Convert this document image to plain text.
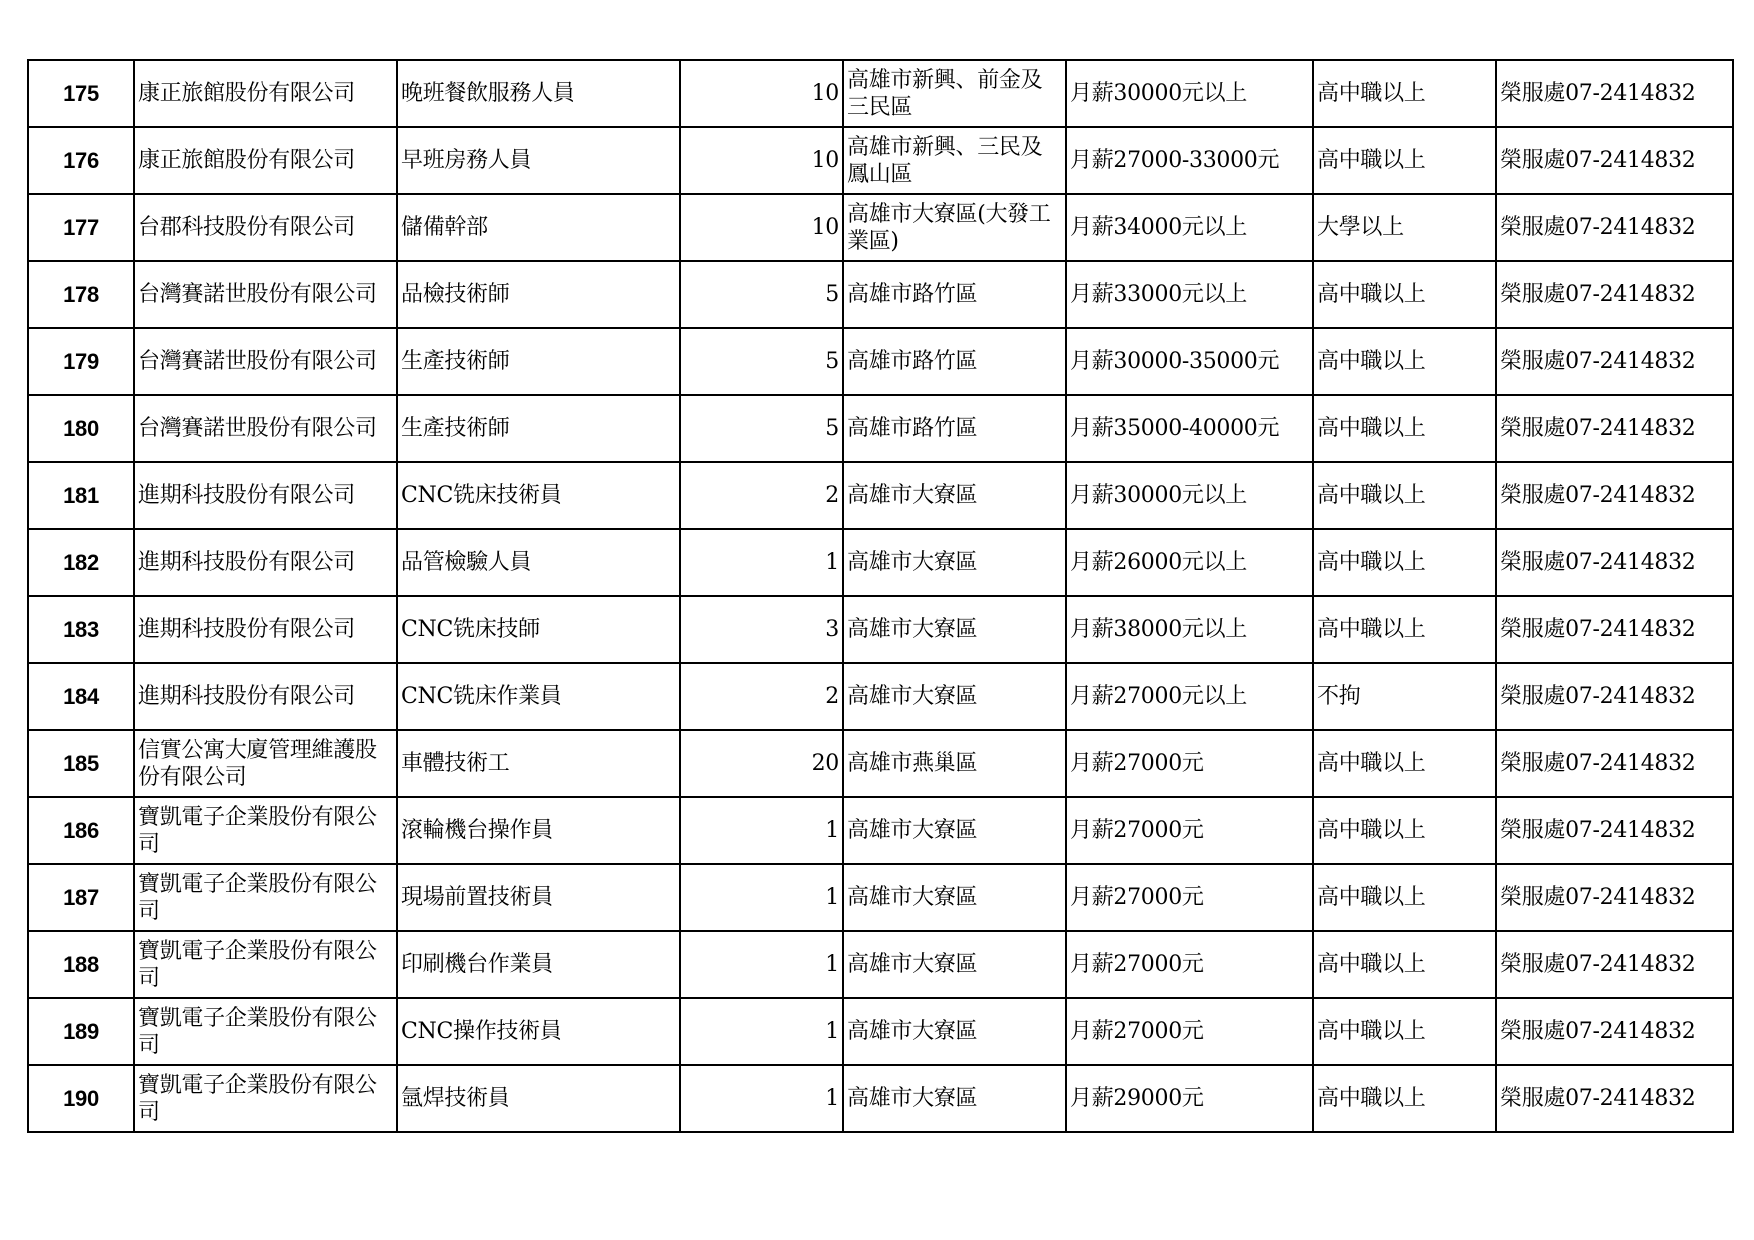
175	康正旅館股份有限公司	晚班餐飲服務人員	10	高雄市新興、前金及三民區	月薪30000元以上	高中職以上	榮服處07-2414832
176	康正旅館股份有限公司	早班房務人員	10	高雄市新興、三民及鳳山區	月薪27000-33000元	高中職以上	榮服處07-2414832
177	台郡科技股份有限公司	儲備幹部	10	高雄市大寮區(大發工業區)	月薪34000元以上	大學以上	榮服處07-2414832
178	台灣賽諾世股份有限公司	品檢技術師	5	高雄市路竹區	月薪33000元以上	高中職以上	榮服處07-2414832
179	台灣賽諾世股份有限公司	生產技術師	5	高雄市路竹區	月薪30000-35000元	高中職以上	榮服處07-2414832
180	台灣賽諾世股份有限公司	生產技術師	5	高雄市路竹區	月薪35000-40000元	高中職以上	榮服處07-2414832
181	進期科技股份有限公司	CNC铣床技術員	2	高雄市大寮區	月薪30000元以上	高中職以上	榮服處07-2414832
182	進期科技股份有限公司	品管檢驗人員	1	高雄市大寮區	月薪26000元以上	高中職以上	榮服處07-2414832
183	進期科技股份有限公司	CNC铣床技師	3	高雄市大寮區	月薪38000元以上	高中職以上	榮服處07-2414832
184	進期科技股份有限公司	CNC铣床作業員	2	高雄市大寮區	月薪27000元以上	不拘	榮服處07-2414832
185	信實公寓大廈管理維護股份有限公司	車體技術工	20	高雄市燕巢區	月薪27000元	高中職以上	榮服處07-2414832
186	寶凱電子企業股份有限公司	滾輪機台操作員	1	高雄市大寮區	月薪27000元	高中職以上	榮服處07-2414832
187	寶凱電子企業股份有限公司	現場前置技術員	1	高雄市大寮區	月薪27000元	高中職以上	榮服處07-2414832
188	寶凱電子企業股份有限公司	印刷機台作業員	1	高雄市大寮區	月薪27000元	高中職以上	榮服處07-2414832
189	寶凱電子企業股份有限公司	CNC操作技術員	1	高雄市大寮區	月薪27000元	高中職以上	榮服處07-2414832
190	寶凱電子企業股份有限公司	氬焊技術員	1	高雄市大寮區	月薪29000元	高中職以上	榮服處07-2414832
